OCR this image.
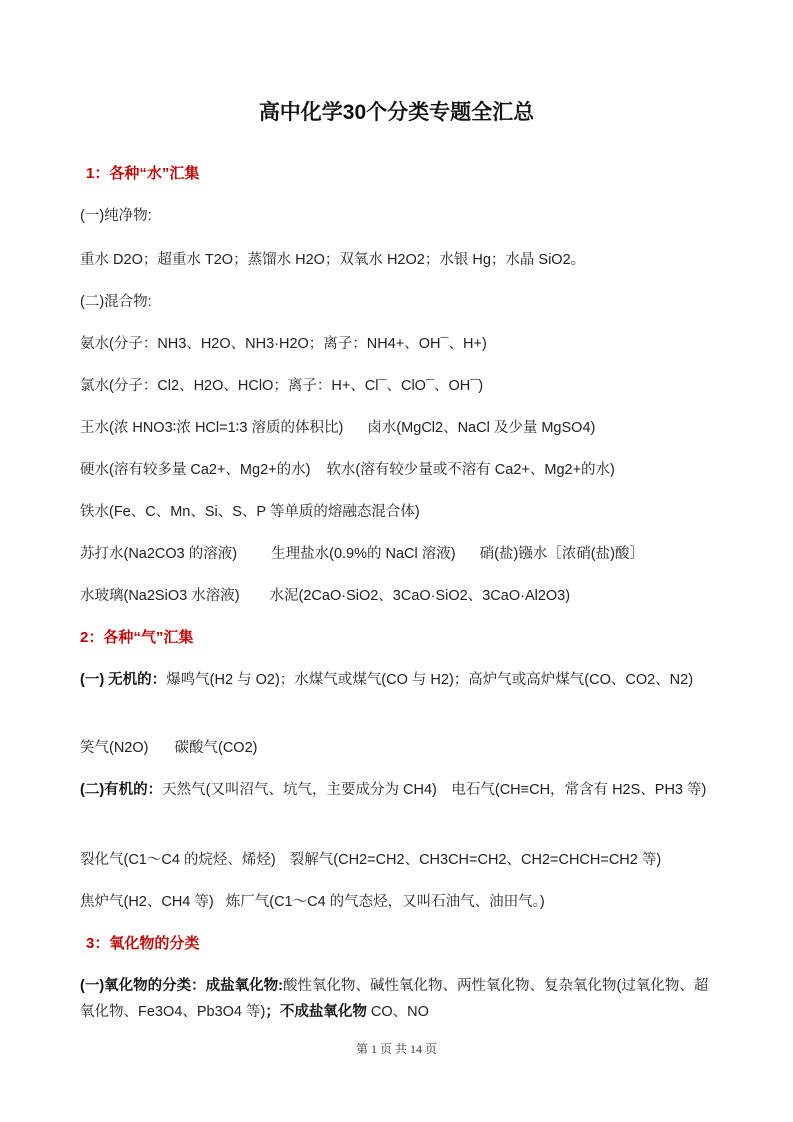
高中化学30个分类专题全汇总
1：各种“水”汇集
(一)纯净物:
重水 D2O；超重水 T2O；蒸馏水 H2O；双氧水 H2O2；水银 Hg；水晶 SiO2。
(二)混合物:
氨水(分子：NH3、H2O、NH3·H2O；离子：NH4+、OH¯、H+)
氯水(分子：Cl2、H2O、HClO；离子：H+、Cl¯、ClO¯、OH¯)
王水(浓 HNO3∶浓 HCl=1∶3 溶质的体积比) 卤水(MgCl2、NaCl 及少量 MgSO4)
硬水(溶有较多量 Ca2+、Mg2+的水) 软水(溶有较少量或不溶有 Ca2+、Mg2+的水)
铁水(Fe、C、Mn、Si、S、P 等单质的熔融态混合体)
苏打水(Na2CO3 的溶液) 生理盐水(0.9%的 NaCl 溶液) 硝(盐)镪水［浓硝(盐)酸］
水玻璃(Na2SiO3 水溶液) 水泥(2CaO·SiO2、3CaO·SiO2、3CaO·Al2O3)
2：各种“气”汇集
(一) 无机的：爆鸣气(H2 与 O2)；水煤气或煤气(CO 与 H2)；高炉气或高炉煤气(CO、CO2、N2)
笑气(N2O) 碳酸气(CO2)
(二)有机的：天然气(又叫沼气、坑气，主要成分为 CH4)　电石气(CH≡CH，常含有 H2S、PH3 等)
裂化气(C1～C4 的烷烃、烯烃) 裂解气(CH2=CH2、CH3CH=CH2、CH2=CHCH=CH2 等)
焦炉气(H2、CH4 等) 炼厂气(C1～C4 的气态烃，又叫石油气、油田气。)
3：氧化物的分类
(一)氧化物的分类：成盐氧化物:酸性氧化物、碱性氧化物、两性氧化物、复杂氧化物(过氧化物、超氧化物、Fe3O4、Pb3O4 等)；不成盐氧化物 CO、NO
第 1 页 共 14 页
